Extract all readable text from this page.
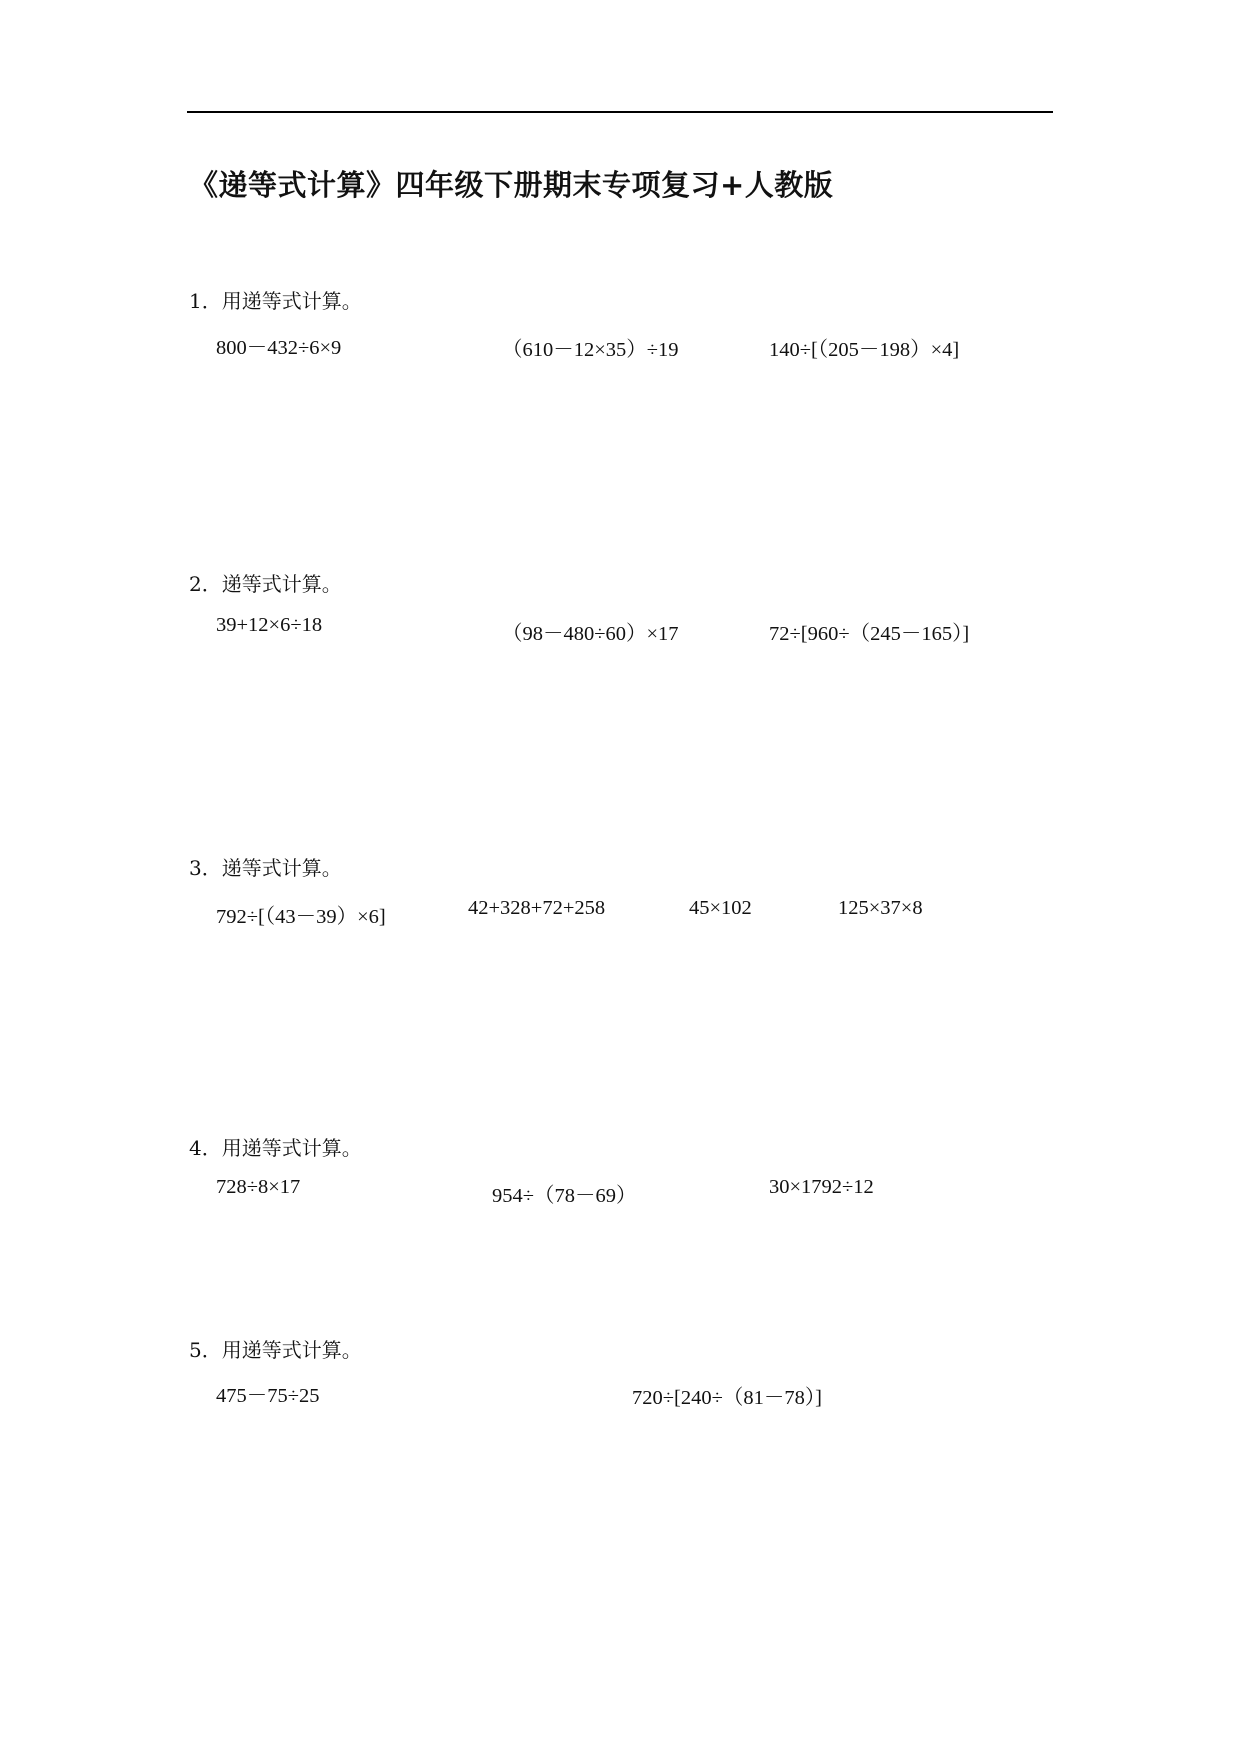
《递等式计算》四年级下册期末专项复习+人教版
1．用递等式计算。
800－432÷6×9	（610－12×35）÷19	140÷[（205－198）×4]
2．递等式计算。
39+12×6÷18	（98－480÷60）×17	72÷[960÷（245－165）]
3．递等式计算。
792÷[（43－39）×6]	42+328+72+258	45×102	125×37×8
4．用递等式计算。
728÷8×17	954÷（78－69）	30×1792÷12
5．用递等式计算。
475－75÷25	720÷[240÷（81－78）]
